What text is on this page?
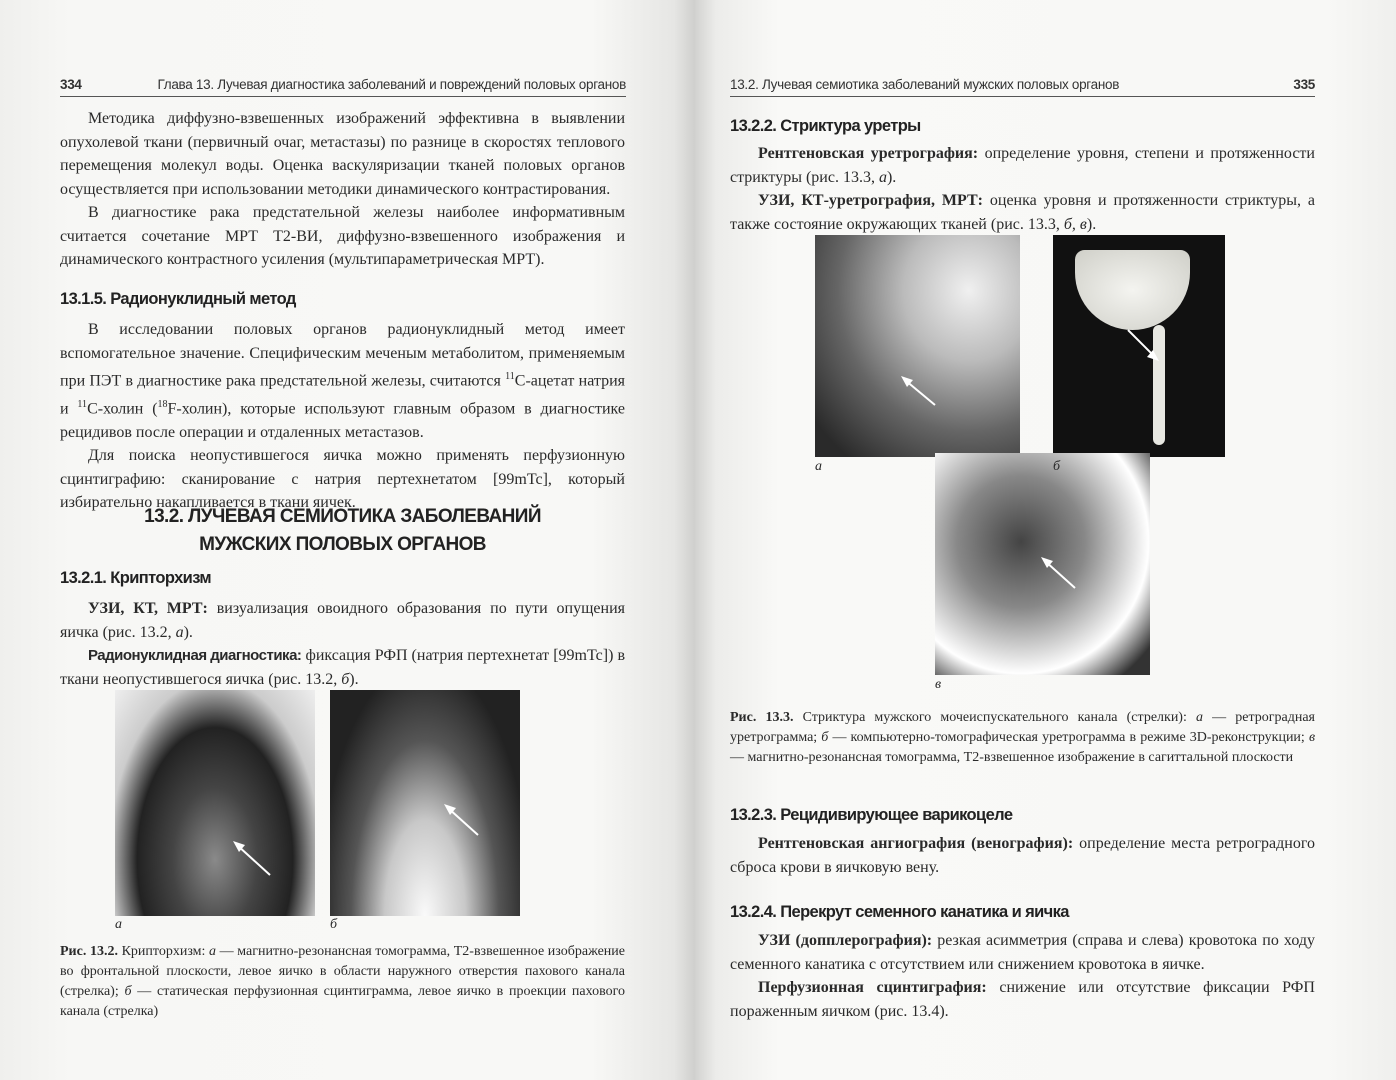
334	Глава 13. Лучевая диагностика заболеваний и повреждений половых органов

Методика диффузно-взвешенных изображений эффективна в выявлении опухолевой ткани (первичный очаг, метастазы) по разнице в скоростях теплового перемещения молекул воды. Оценка васкуляризации тканей половых органов осуществляется при использовании методики динамического контрастирования.

В диагностике рака предстательной железы наиболее информативным считается сочетание МРТ Т2-ВИ, диффузно-взвешенного изображения и динамического контрастного усиления (мультипараметрическая МРТ).

13.1.5. Радионуклидный метод

В исследовании половых органов радионуклидный метод имеет вспомогательное значение. Специфическим меченым метаболитом, применяемым при ПЭТ в диагностике рака предстательной железы, считаются $^{11}$С-ацетат натрия и $^{11}$С-холин ($^{18}$F-холин), которые используют главным образом в диагностике рецидивов после операции и отдаленных метастазов.

Для поиска неопустившегося яичка можно применять перфузионную сцинтиграфию: сканирование с натрия пертехнетатом [99mTc], который избирательно накапливается в ткани яичек.

13.2. ЛУЧЕВАЯ СЕМИОТИКА ЗАБОЛЕВАНИЙ
МУЖСКИХ ПОЛОВЫХ ОРГАНОВ
13.2.1. Крипторхизм

УЗИ, КТ, МРТ: визуализация овоидного образования по пути опущения яичка (рис. 13.2, а).

Радионуклидная диагностика: фиксация РФП (натрия пертехнетат [99mTc]) в ткани неопустившегося яичка (рис. 13.2, б).

а	б
Рис. 13.2. Крипторхизм: а — магнитно-резонансная томограмма, Т2-взвешенное изображение во фронтальной плоскости, левое яичко в области наружного отверстия пахового канала (стрелка); б — статическая перфузионная сцинтиграмма, левое яичко в проекции пахового канала (стрелка)
13.2. Лучевая семиотика заболеваний мужских половых органов	335
13.2.2. Стриктура уретры

Рентгеновская уретрография: определение уровня, степени и протяженности стриктуры (рис. 13.3, а).

УЗИ, КТ-уретрография, МРТ: оценка уровня и протяженности стриктуры, а также состояние окружающих тканей (рис. 13.3, б, в).

а	б
в
Рис. 13.3. Стриктура мужского мочеиспускательного канала (стрелки): а — ретроградная уретрограмма; б — компьютерно-томографическая уретрограмма в режиме 3D-реконструкции; в — магнитно-резонансная томограмма, Т2-взвешенное изображение в сагиттальной плоскости
13.2.3. Рецидивирующее варикоцеле

Рентгеновская ангиография (венография): определение места ретроградного сброса крови в яичковую вену.

13.2.4. Перекрут семенного канатика и яичка

УЗИ (допплерография): резкая асимметрия (справа и слева) кровотока по ходу семенного канатика с отсутствием или снижением кровотока в яичке.

Перфузионная сцинтиграфия: снижение или отсутствие фиксации РФП пораженным яичком (рис. 13.4).
